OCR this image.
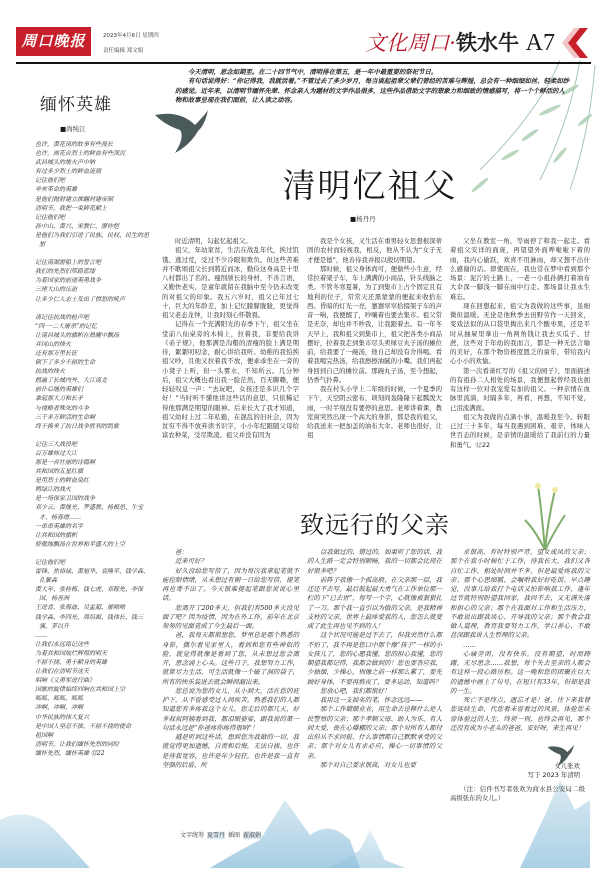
周口晚报	2023年4月6日 星期四
责任编辑 郑文娟	文化周口·铁水牛 A7
缅怀英雄
■尚纯江

也许，黄花岗的故事有些漫长

也许，雨花台烈士的鲜血有些深沉

武昌城头的炮火声中呐

有过多少烈士的鲜血流淌

记住他们吧

辛亥革命的英雄

是他们抛射建立推翻封建帝制

清明节，我把一束鲜花献上

记住他们吧

孙中山、黄兴、宋教仁、廖仲恺

是他们为我们引进了民族、民权、民生的思想

记住南湖游船上的誓言吧

我们的先烈们筚路蓝缕

为着国家的前途英勇战争

三座大山的压迫

让多少仁人志士发出了愤怒的吼声

请记住抗战的枪声吧

“四·一二大屠杀”的记忆

让南昌城头的旗帜在晨曦中飘扬

井冈山的烽火

还有那万里长征

倒下了多少不屈的生命

抗战的烽火

燃遍了长城内外、大江南北

前仆后继的英雄们

拿起那大刀和长矛

与侵略者殊死的斗争

三千多万鲜活的生命啊

终于换来了抗日战争胜利的凯歌

记住三大战役吧

百万雄师过大江

那是一首壮丽的诗篇啊

共和国的五星红旗

是用烈士的鲜血染红

鸭绿江的战火

是一场保家卫国的战争

邓少云、黄继光、罗盛教、杨根思、牛宝才、杨春增……

一串串英雄的名字

让共和国的旗帜

骄傲地飘扬在世界和平盛大的上空

记住他们吧

雷锋、焦裕禄、黄旭华、袁隆平、钱学森、孔繁森

黄大年、张桂梅、钱七虎、邓稼先、李保国、杨善洲

王进喜、张海迪、吴孟超、屠呦呦

钱学森、李四光、周培源、钱伟长、钱三强、茅以升

……

让我们永远铭记这些

为着共和国灿烂辉煌的明天

不屈不挠、勇于献身的英雄

让我们在清明节这天

唱响《义勇军进行曲》

国歌的旋律始终回响在共和国上空

呱呱、呱呱、呱呱

冲啊、冲啊、冲啊

中华民族的伟大复兴

是中国人坚忍不拔、不屈不挠的使命

祖国啊

清明节，让我们缅怀先烈的同时

缅怀先烈，缅怀英雄 ⑫22

今天清明，思念如期至。在二十四节气中，清明排在第五，是一年中最重要的祭祀节日。

有句话说得好：“你记得我，我就活着。”不管过去了多少岁月，每当谈起祖辈父辈们曾经的苦难与辉煌，总会有一种细细如丝、轻柔如纱的感觉。近年来，以清明节缅怀先辈、怀念亲人为题材的文学作品很多，这些作品借助文字的想象力和细致的情感描写，将一个个鲜活的人物和故事呈现在我们面前，让人读之动容。

清明忆祖父
■杨丹丹

时近清明，勾起忆起祖父。

祖父，年幼家贫，生活在战乱年代，挨过饥饿、逃过荒，受过不少冷眼和欺负。但这些苦难并不歌颂祖父长到將近而冰，勤俭这身高是十里八村都出了名的。瘦削颀长的身材，不善言语，又勤快老实，是童年就留在我脑中至今仍未改变的对祖父的印象。我五六岁时，祖父已年过七十，巨大的年龄差，加上记忆朦朦胧胧，更觉得祖父老态龙钟，让我时刻心怀敬畏。

记得在一个充满阳光的春季下午，祖父坐在堂前八仙桌旁的木椅上，拉着我，非要给我讲《弟子规》，他那满是沟壑的清瘦的脸上满是期待，絮絮叨叨念，耐心讲给我听。幼稚的我怕挨祖父吵，且他又拉着我不放，便乖乖坐在一旁的小凳子上听，但一头雾水，不知所云。几分钟后，祖父大概也看出我一脸茫然、百无聊赖，便轻轻叹息一声：“去玩吧，女孩还是多识几个字好！”当时听不懂他讲这些话的意思，只依稀记得他那满是期望的眼神。后来长大了我才知道，祖父幼时上过二年私塾，在混乱的旧社会，因为贫穷不得不放弃读书识字，小小年纪跟随父母给富农种菜，受尽欺凌。祖父并没有因为

我是个女孩，又生活在重男轻女思想根深蒂固的农村而轻视我，相反，他从不认为“女子无才便是德”，他善待我并报以殷切期望。

那时候，祖父身体尚可，便做些小生意，经常拉着架子车，车上满满的小商品，针头线脑之类。不管冬寒夏暑，为了到集市上占个固定且有地利的位子，常常天还黑蒙蒙的便起来收拾东西。昏暗的灯光一亮，窸窸窣窣拾掇架子车的声音一响，我便醒了，吵嚷着也要去集市。祖父常是无奈，却也并不吵我，让我跟着去。有一年冬天早上，我和祖父到集市上，祖父把各类小商品摆好，拉着我走到集市尽头卖绿豆丸子汤的摊位前，给我要了一碗汤，他自己却没有舍得喝。看着我喝完热汤，给我擦擦油腻的小嘴。我们再起身回到自己的摊位前。那碗丸子汤，至今想起，仍香气扑鼻。

我在村头小学上二年级的时候，一个夏季的下午，天空阴云密布，顷刻间轰隆隆下起瓢泼大雨，一时半刻没有要停的意思。老师讲着课，教室窗突然出现一个高大的身影，那是我的祖父，给我送来一把加盖的油布大伞。老师也很好，让祖

父坐在教室一角，等雨停了和我一起走。看着祖父安详的面庞，再望望外面哗啦啦下着的雨，我内心偷跃，欢喜不用淋雨，却又想不出什么感谢的话。即使现在，我也常在梦中看到那个场景：泥泞的土路上，一老一小祖孙俩打着油布大伞深一脚浅一脚在雨中行走。那场景让我永生难忘。

现在回想起来，祖父为我做的这些事，虽细微但温暖。无论是他秋季去田野劳作一天回来，变戏法似的从口袋里掏出来几个酸枣果，还是平时从抽屉里拿出一角两角钱让我去买瓜子、甘蔗，这些对于年幼的我而言，都是一种无法言喻的美好，在那个物资极度匮乏的童年，带给我内心小小的欢愉。

第一次看萧红写的《祖父的园子》，里面描述的有祖孙二人相处的场景，我便想起曾经我也拥有这样一位对我宠爱有加的祖父。一种亲情在血脉里流淌，时隔多年，再看，再想，不知不觉，已泪流满面。

祖父为我做的点滴小事，温暖我至今。转眼已过三十多年，每当我遇到困难、艰辛，体味人世百态的时候，是亲情的温暖给了我前行的力量和勇气。⑫22

致远行的父亲

爸：

近来可好？

好久没给您写信了，因为每次我拿起笔就不能控制情绪，从未想过有朝一日给您写信，提笔再也寄不出了。今天很难提起笔跟您说说心里话。

您离开了200多天，但我们有500多天没见面了吧？因为疫情，因为在外工作，前年在北京匆匆的见面竟成了今生最后一面。

爸，我每天都很想您，梦里总是那个熟悉的身影，偶尔看见家里人，看到和您有些神似的脸，就觉得就像是看到了您，从未想过您会离开，思念涌上心头。这些日子，我想努力工作，就算尽力生活，可生活就像一个破了洞的袋子，所有的快乐装进去就会瞬间漏出来。

您总说为您的女儿，从小到大，活在您的庇护下，从不曾感受过人间疾苦。熟悉我们的人都知道您有多疼我这个女儿，您走后的那几天，好多叔叔阿姨看到我，都泪眼婆娑，跟我说的第一句话永远是“你爸疼你疼得很呐”！

越是听到这些话，想到您为我做的一切，我就觉得更加遗憾，自责和后悔，无法自拔。也许是待我宽容，也许是年少轻狂，也许是我一直有坚强的后盾，所

以我做过的、错过的，如果听了您的话，我的人生路一定会特别顺畅，我的一切都会比现在好很多吧？

前阵子我像一个孤岛般，在父亲那一层，我还还不去写。最后鼓起最大勇气在工作单位那一栏的下“已去世”，每写一个字，心就像被狠狠扎了一刀。那个我一直引以为傲的父亲，是我精神支柱的父亲，世界上最疼爱我的人，您怎么就变成了此生再也见不到的人！

这个状况可能是过不去了，但我突然什么都不怕了，我不再是您口中那个像“孩子”一样的小女孩儿了，您的心愿我懂，您的担心我懂，您的期望我都记得，我都会做到的！您也要答应我，少抽烟、少操心，别像之前一样那么累了，要先顾好身体，不要再熬夜了，要多运动，知道吗？

您放心吧，我们都很好！

我用这一支拙劣的笔，怀念远远——

那个工作兢兢业业，用生命去诠释什么是人民警察的父亲；那个孝顺父母、助人为乐、有人间大爱、贵在心爆棚的父亲；那个对所有人都付出但从不求回报、什么事情都自己默默承受的父亲；那个对女儿有求必应、操心一切事情的父亲。

那个对自己要求很高，对女儿也要

求很高，有时特别严苛，望女成凤的父亲；那个在我小时候忙于工作，待我长大，我们又各自忙工作，相处时间并不多，但是最爱疼我的父亲；那个心思细腻、会嘱咐我好好吃饭、早点睡觉，没事儿给我打个电话又怕影响我工作，逢年过节就特别盼望我回家，我回不去，又无满失落和担心的父亲；那个在我面对工作和生活压力，不敢说出跟我谈心、开导我的父亲；那个教会我做人道理，教育我要努力工作，学口善心、不敢甚深跟我讲人生哲理的父亲。

……

心痛旁闲，没有快乐，没有期望，时而踌躇，无尽思念……我想，每个失去至亲的人都会有这样一段心路历程。这一晚和您的团聚在巨大的遗憾中画上了句号，在短只有33年，但却是我的一生。

死亡不是终点，遗忘才是！爸，往下来我替您延续生命，代您看未曾看过的风景，体验您未曾体验过的人生，终须一别，也终会再见，那个还没有成为小老头的爸爸，安好呀，来生再见！

女儿张欢
写于 2023 年清明
（注：信件书写者张欢为商水县公安局二级高级张东的女儿。）
文字统筹 夏雪丹 插图 翟淑娟
